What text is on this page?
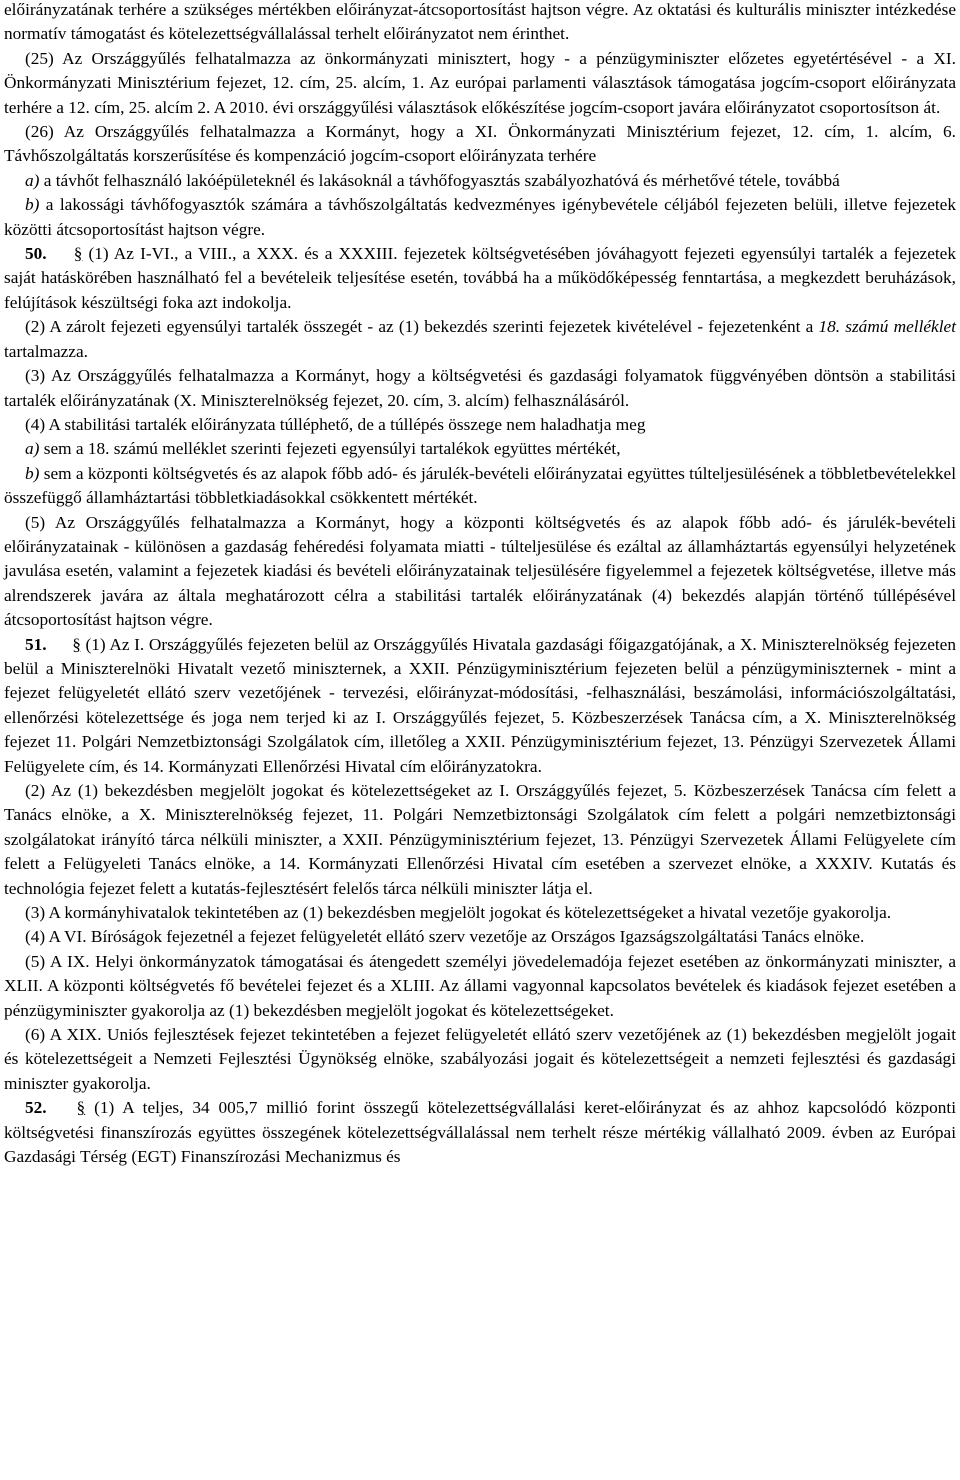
előirányzatának terhére a szükséges mértékben előirányzat-átcsoportosítást hajtson végre. Az oktatási és kulturális miniszter intézkedése normatív támogatást és kötelezettségvállalással terhelt előirányzatot nem érinthet.

(25) Az Országgyűlés felhatalmazza az önkormányzati minisztert, hogy - a pénzügyminiszter előzetes egyetértésével - a XI. Önkormányzati Minisztérium fejezet, 12. cím, 25. alcím, 1. Az európai parlamenti választások támogatása jogcím-csoport előirányzata terhére a 12. cím, 25. alcím 2. A 2010. évi országgyűlési választások előkészítése jogcím-csoport javára előirányzatot csoportosítson át.

(26) Az Országgyűlés felhatalmazza a Kormányt, hogy a XI. Önkormányzati Minisztérium fejezet, 12. cím, 1. alcím, 6. Távhőszolgáltatás korszerűsítése és kompenzáció jogcím-csoport előirányzata terhére

a) a távhőt felhasználó lakóépületeknél és lakásoknál a távhőfogyasztás szabályozhatóvá és mérhetővé tétele, továbbá

b) a lakossági távhőfogyasztók számára a távhőszolgáltatás kedvezményes igénybevétele céljából fejezeten belüli, illetve fejezetek közötti átcsoportosítást hajtson végre.

50. § (1) Az I-VI., a VIII., a XXX. és a XXXIII. fejezetek költségvetésében jóváhagyott fejezeti egyensúlyi tartalék a fejezetek saját hatáskörében használható fel a bevételeik teljesítése esetén, továbbá ha a működőképesség fenntartása, a megkezdett beruházások, felújítások készültségi foka azt indokolja.

(2) A zárolt fejezeti egyensúlyi tartalék összegét - az (1) bekezdés szerinti fejezetek kivételével - fejezetenként a 18. számú melléklet tartalmazza.

(3) Az Országgyűlés felhatalmazza a Kormányt, hogy a költségvetési és gazdasági folyamatok függvényében döntsön a stabilitási tartalék előirányzatának (X. Miniszterelnökség fejezet, 20. cím, 3. alcím) felhasználásáról.

(4) A stabilitási tartalék előirányzata túlléphető, de a túllépés összege nem haladhatja meg

a) sem a 18. számú melléklet szerinti fejezeti egyensúlyi tartalékok együttes mértékét,

b) sem a központi költségvetés és az alapok főbb adó- és járulék-bevételi előirányzatai együttes túlteljesülésének a többletbevételekkel összefüggő államháztartási többletkiadásokkal csökkentett mértékét.

(5) Az Országgyűlés felhatalmazza a Kormányt, hogy a központi költségvetés és az alapok főbb adó- és járulék-bevételi előirányzatainak - különösen a gazdaság fehéredési folyamata miatti - túlteljesülése és ezáltal az államháztartás egyensúlyi helyzetének javulása esetén, valamint a fejezetek kiadási és bevételi előirányzatainak teljesülésére figyelemmel a fejezetek költségvetése, illetve más alrendszerek javára az általa meghatározott célra a stabilitási tartalék előirányzatának (4) bekezdés alapján történő túllépésével átcsoportosítást hajtson végre.

51. § (1) Az I. Országgyűlés fejezeten belül az Országgyűlés Hivatala gazdasági főigazgatójának, a X. Miniszterelnökség fejezeten belül a Miniszterelnöki Hivatalt vezető miniszternek, a XXII. Pénzügyminisztérium fejezeten belül a pénzügyminiszternek - mint a fejezet felügyeletét ellátó szerv vezetőjének - tervezési, előirányzat-módosítási, -felhasználási, beszámolási, információszolgáltatási, ellenőrzési kötelezettsége és joga nem terjed ki az I. Országgyűlés fejezet, 5. Közbeszerzések Tanácsa cím, a X. Miniszterelnökség fejezet 11. Polgári Nemzetbiztonsági Szolgálatok cím, illetőleg a XXII. Pénzügyminisztérium fejezet, 13. Pénzügyi Szervezetek Állami Felügyelete cím, és 14. Kormányzati Ellenőrzési Hivatal cím előirányzatokra.

(2) Az (1) bekezdésben megjelölt jogokat és kötelezettségeket az I. Országgyűlés fejezet, 5. Közbeszerzések Tanácsa cím felett a Tanács elnöke, a X. Miniszterelnökség fejezet, 11. Polgári Nemzetbiztonsági Szolgálatok cím felett a polgári nemzetbiztonsági szolgálatokat irányító tárca nélküli miniszter, a XXII. Pénzügyminisztérium fejezet, 13. Pénzügyi Szervezetek Állami Felügyelete cím felett a Felügyeleti Tanács elnöke, a 14. Kormányzati Ellenőrzési Hivatal cím esetében a szervezet elnöke, a XXXIV. Kutatás és technológia fejezet felett a kutatás-fejlesztésért felelős tárca nélküli miniszter látja el.

(3) A kormányhivatalok tekintetében az (1) bekezdésben megjelölt jogokat és kötelezettségeket a hivatal vezetője gyakorolja.

(4) A VI. Bíróságok fejezetnél a fejezet felügyeletét ellátó szerv vezetője az Országos Igazságszolgáltatási Tanács elnöke.

(5) A IX. Helyi önkormányzatok támogatásai és átengedett személyi jövedelemadója fejezet esetében az önkormányzati miniszter, a XLII. A központi költségvetés fő bevételei fejezet és a XLIII. Az állami vagyonnal kapcsolatos bevételek és kiadások fejezet esetében a pénzügyminiszter gyakorolja az (1) bekezdésben megjelölt jogokat és kötelezettségeket.

(6) A XIX. Uniós fejlesztések fejezet tekintetében a fejezet felügyeletét ellátó szerv vezetőjének az (1) bekezdésben megjelölt jogait és kötelezettségeit a Nemzeti Fejlesztési Ügynökség elnöke, szabályozási jogait és kötelezettségeit a nemzeti fejlesztési és gazdasági miniszter gyakorolja.

52. § (1) A teljes, 34 005,7 millió forint összegű kötelezettségvállalási keret-előirányzat és az ahhoz kapcsolódó központi költségvetési finanszírozás együttes összegének kötelezettségvállalással nem terhelt része mértékig vállalható 2009. évben az Európai Gazdasági Térség (EGT) Finanszírozási Mechanizmus és
